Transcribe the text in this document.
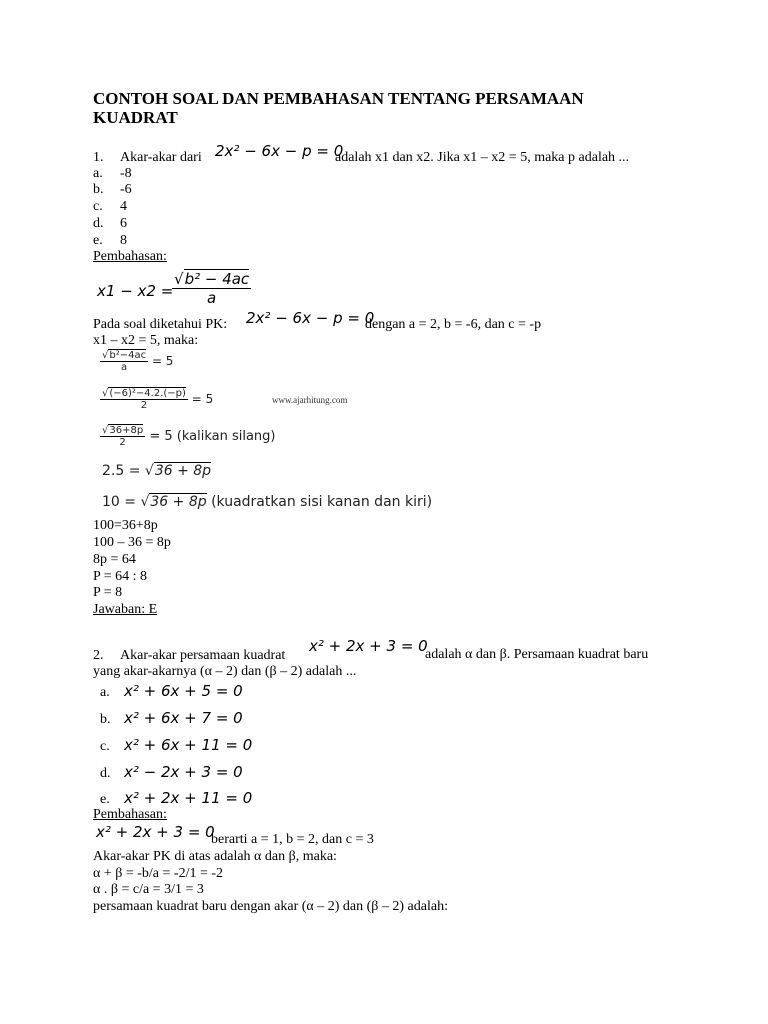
CONTOH SOAL DAN PEMBAHASAN TENTANG PERSAMAAN
KUADRAT
1. Akar-akar dari 2x² − 6x − p = 0
adalah x1 dan x2. Jika x1 – x2 = 5, maka p adalah ...
a. -8
b. -6
c. 4
d. 6
e. 8
Pembahasan:
x1 − x2 =
$\frac{\text{√b² − 4ac}}{a}$
Pada soal diketahui PK: 2x² − 6x − p = 0
dengan a = 2, b = -6, dan c = -p
x1 – x2 = 5, maka:
$\frac{\text{√b²−4ac}}{a} = 5$
$\frac{\text{√(−6)²−4.2.(−p)}}{2} = 5$	www.ajarhitung.com
$\frac{√36+8p}{2} = 5$ (kalikan silang)
2.5 = √36 + 8p
10 = √36 + 8p (kuadratkan sisi kanan dan kiri)
100=36+8p
100 – 36 = 8p
8p = 64
P = 64 : 8
P = 8
Jawaban: E
2. Akar-akar persamaan kuadrat
x² + 2x + 3 = 0
adalah α dan β. Persamaan kuadrat baru
yang akar-akarnya (α – 2) dan (β – 2) adalah ...
a. x² + 6x + 5 = 0
b. x² + 6x + 7 = 0
c. x² + 6x + 11 = 0
d. x² − 2x + 3 = 0
e. x² + 2x + 11 = 0
Pembahasan:
x² + 2x + 3 = 0
berarti a = 1, b = 2, dan c = 3
Akar-akar PK di atas adalah α dan β, maka:
α + β = -b/a = -2/1 = -2
α . β = c/a = 3/1 = 3
persamaan kuadrat baru dengan akar (α – 2) dan (β – 2) adalah:
